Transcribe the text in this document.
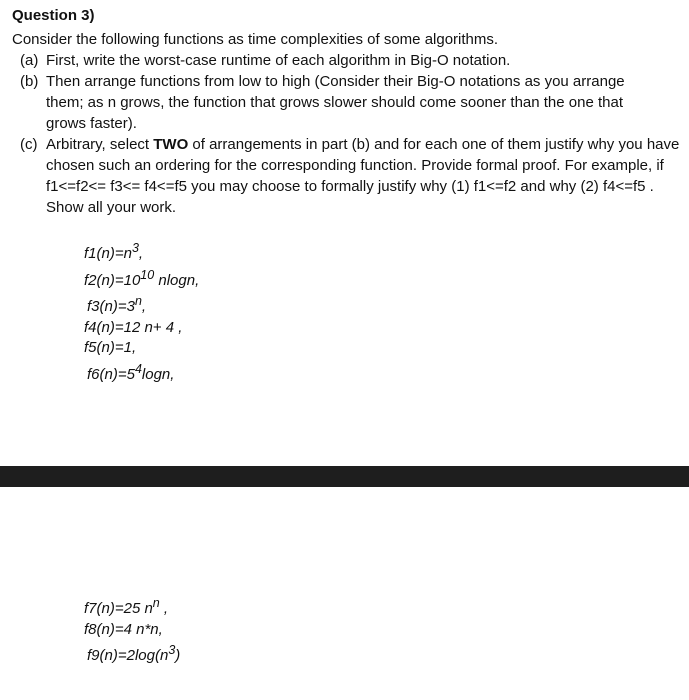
Question 3)

Consider the following functions as time complexities of some algorithms.

(a) First, write the worst-case runtime of each algorithm in Big-O notation.
(b) Then arrange functions from low to high (Consider their Big-O notations as you arrange them; as n grows, the function that grows slower should come sooner than the one that grows faster).
(c) Arbitrary, select TWO of arrangements in part (b) and for each one of them justify why you have chosen such an ordering for the corresponding function. Provide formal proof. For example, if f1<=f2<= f3<= f4<=f5 you may choose to formally justify why (1) f1<=f2 and why (2) f4<=f5 . Show all your work.
$f1(n)=n^3$,
$f2(n)=10^{10}$ nlogn,
$f3(n)=3^n$,
f4(n)=12 n+ 4 ,
f5(n)=1,
$f6(n)=5^4\log n$,
f7(n)=25 $n^n$ ,
f8(n)=4 n*n,
$f9(n)=2\log(n^3)$
